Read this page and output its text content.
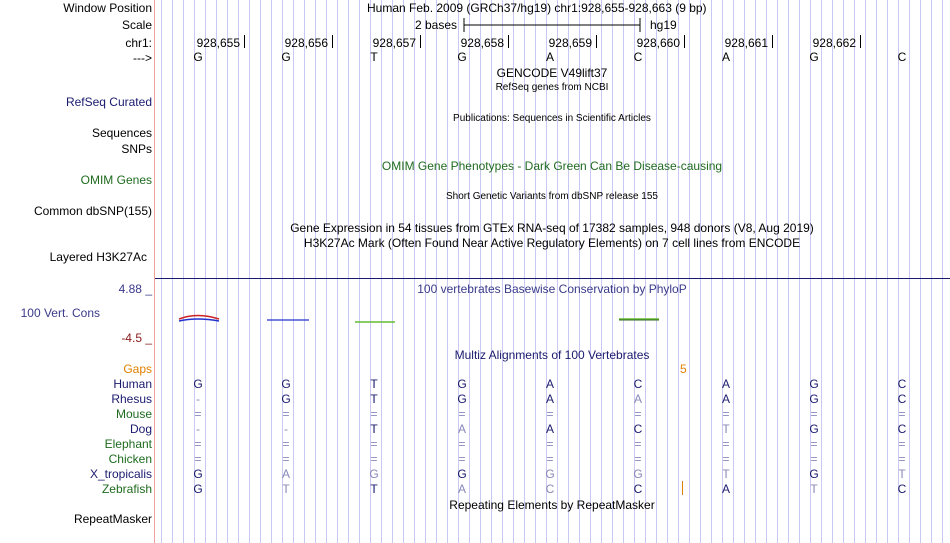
Window Position	Human Feb. 2009 (GRCh37/hg19) chr1:928,655-928,663 (9 bp)
Scale	2 bases	hg19
chr1:	928,655	928,656	928,657	928,658	928,659	928,660	928,661	928,662
--->	G	G	T	G	A	C	A	G	C
GENCODE V49lift37
RefSeq genes from NCBI
RefSeq Curated
Publications: Sequences in Scientific Articles
Sequences
SNPs
OMIM Gene Phenotypes - Dark Green Can Be Disease-causing
OMIM Genes
Short Genetic Variants from dbSNP release 155
Common dbSNP(155)
Gene Expression in 54 tissues from GTEx RNA-seq of 17382 samples, 948 donors (V8, Aug 2019)
H3K27Ac Mark (Often Found Near Active Regulatory Elements) on 7 cell lines from ENCODE
Layered H3K27Ac
4.88 _	100 vertebrates Basewise Conservation by PhyloP
100 Vert. Cons
-4.5 _
Multiz Alignments of 100 Vertebrates
Gaps	5
Human	G	G	T	G	A	C	A	G	C
Rhesus	-	G	T	G	A	A	A	G	C
Mouse	=	=	=	=	=	=	=	=	=
Dog	-	-	T	A	A	C	T	G	C
Elephant	=	=	=	=	=	=	=	=	=
Chicken	=	=	=	=	=	=	=	=	=
X_tropicalis	G	A	G	G	G	G	T	G	T
Zebrafish	G	T	T	A	C	C	A	T	C
Repeating Elements by RepeatMasker
RepeatMasker
